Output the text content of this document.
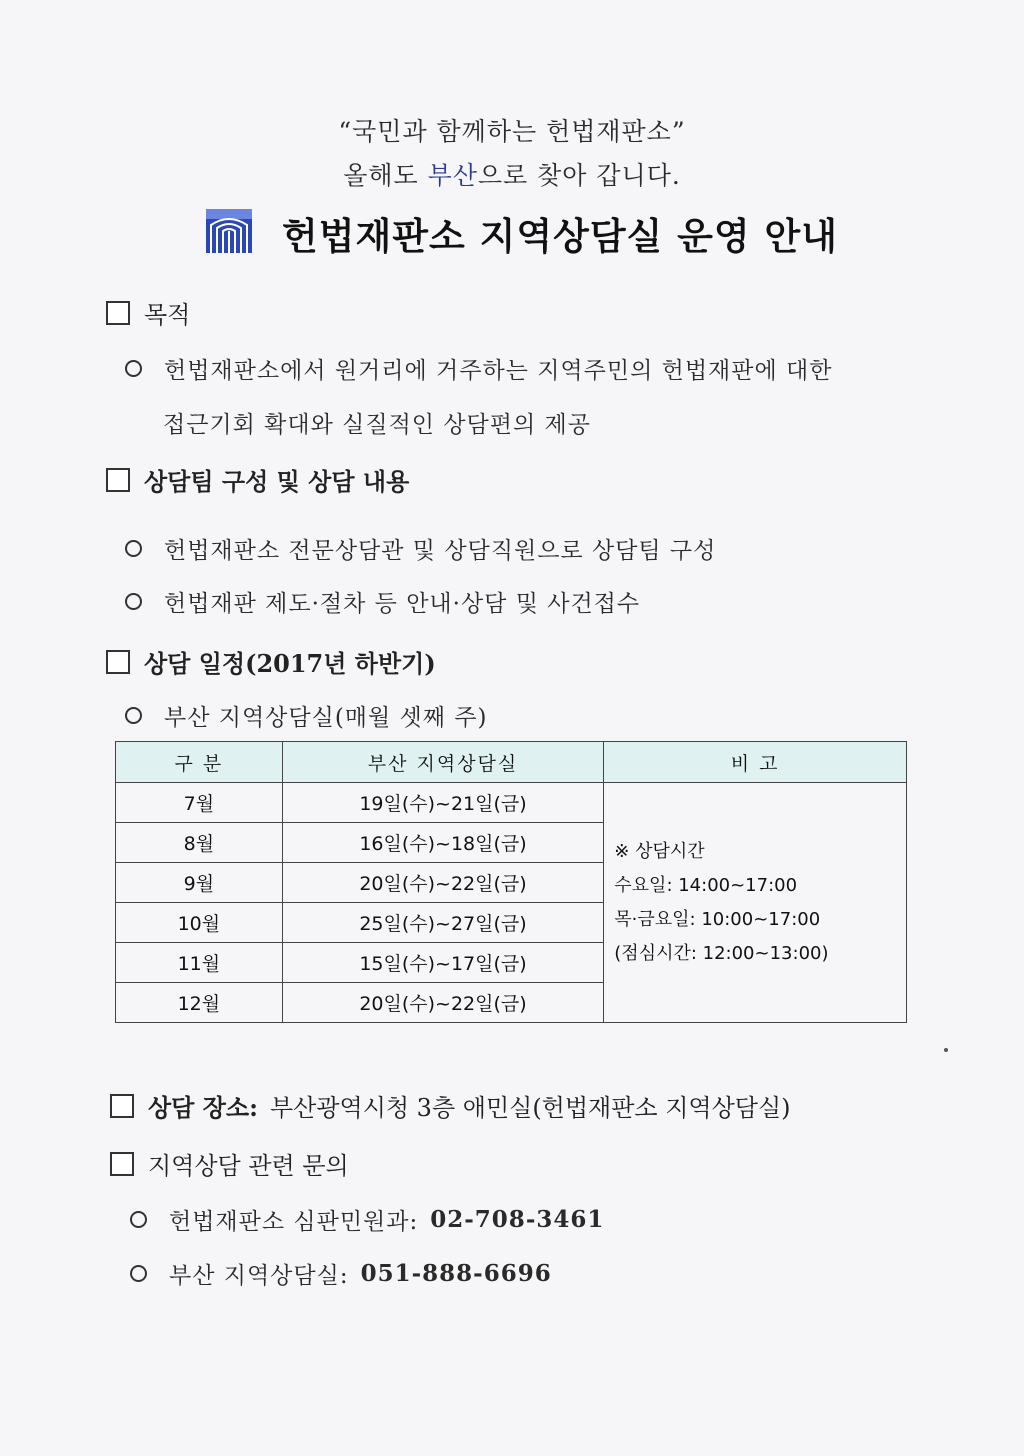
“국민과 함께하는 헌법재판소”
올해도 부산으로 찾아 갑니다.
헌법재판소 지역상담실 운영 안내
목적
헌법재판소에서 원거리에 거주하는 지역주민의 헌법재판에 대한
접근기회 확대와 실질적인 상담편의 제공
상담팀 구성 및 상담 내용
헌법재판소 전문상담관 및 상담직원으로 상담팀 구성
헌법재판 제도·절차 등 안내·상담 및 사건접수
상담 일정(2017년 하반기)
부산 지역상담실(매월 셋째 주)
구 분	부산 지역상담실	비 고
7월	19일(수)~21일(금)	※ 상담시간
수요일: 14:00~17:00
목·금요일: 10:00~17:00
(점심시간: 12:00~13:00)

8월	16일(수)~18일(금)	
9월	20일(수)~22일(금)	
10월	25일(수)~27일(금)	
11월	15일(수)~17일(금)	
12월	20일(수)~22일(금)	
상담 장소: 부산광역시청 3층 애민실(헌법재판소 지역상담실)
지역상담 관련 문의
헌법재판소 심판민원과: 02-708-3461
부산 지역상담실: 051-888-6696
